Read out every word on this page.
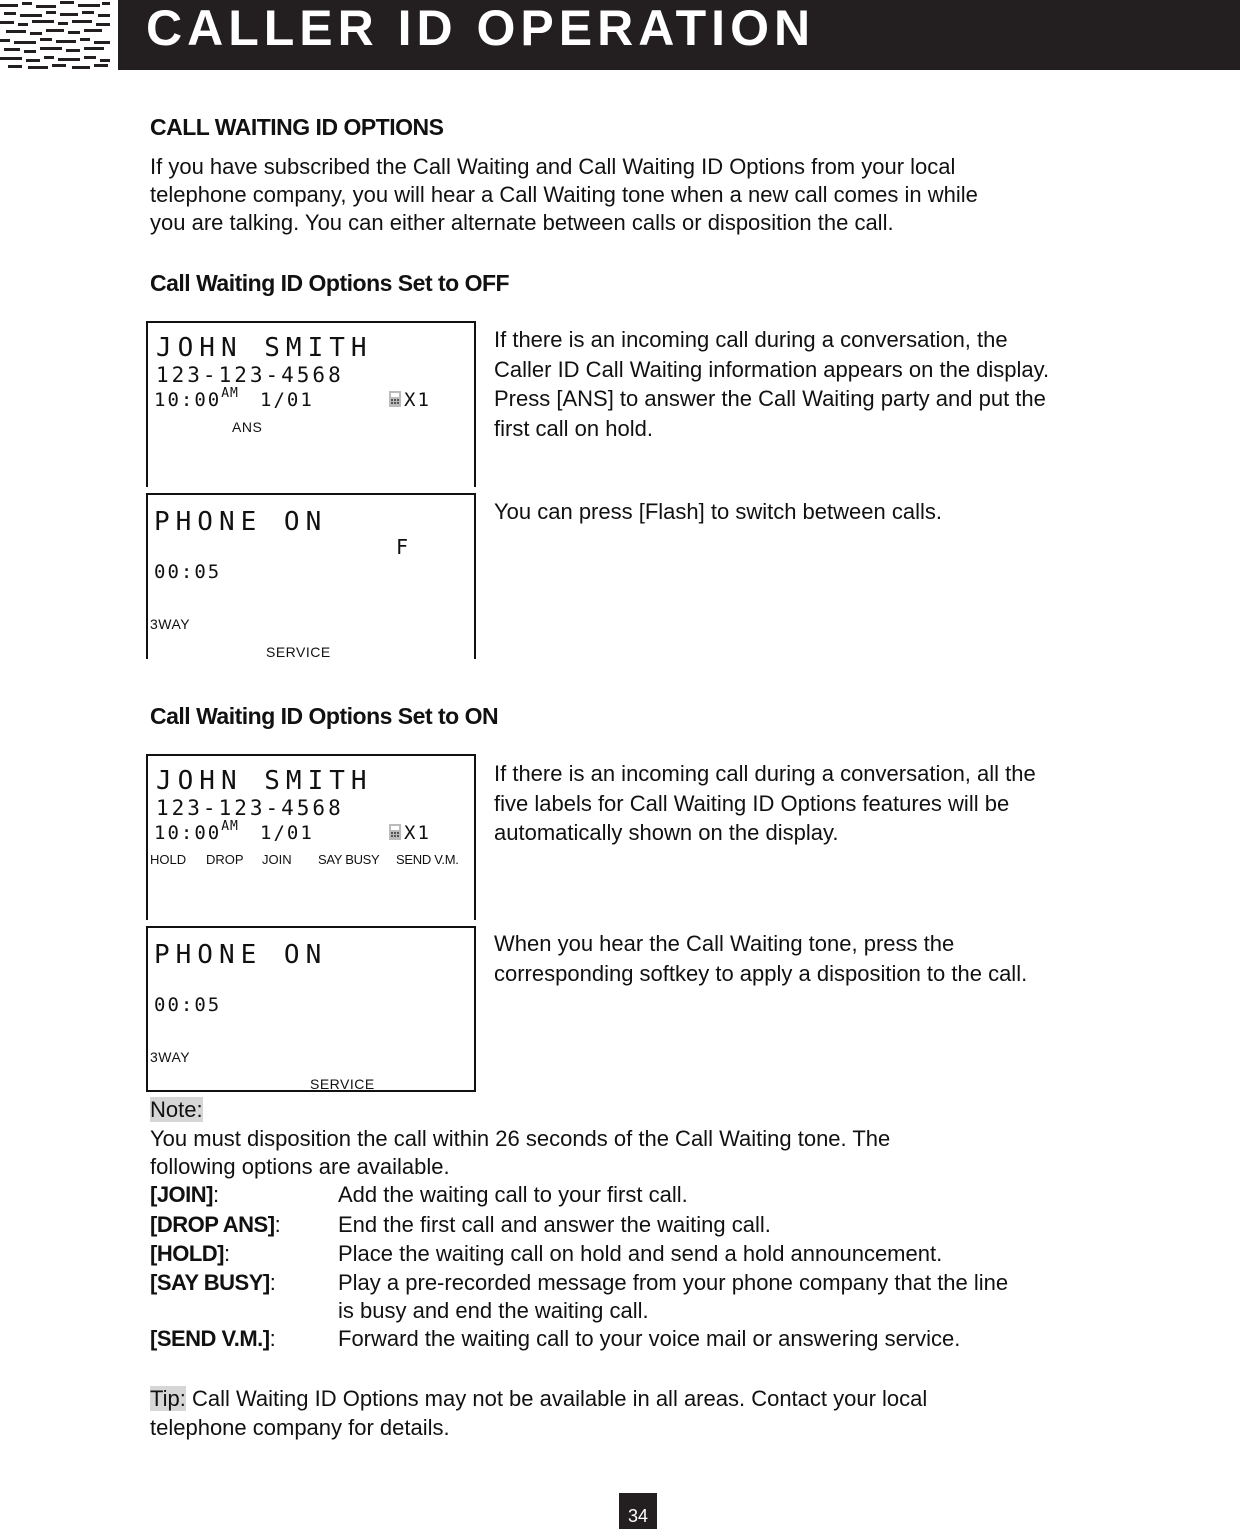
CALLER ID OPERATION
CALL WAITING ID OPTIONS

If you have subscribed the Call Waiting and Call Waiting ID Options from your local

telephone company, you will hear a Call Waiting tone when a new call comes in while

you are talking. You can either alternate between calls or disposition the call.

Call Waiting ID Options Set to OFF
JOHN SMITH
123-123-4568
$10:00^{AM}$ 1/01	X1
ANS

If there is an incoming call during a conversation, the

Caller ID Call Waiting information appears on the display.

Press [ANS] to answer the Call Waiting party and put the

first call on hold.

PHONE ON
F
00:05
3WAY
SERVICE
You can press [Flash] to switch between calls.
Call Waiting ID Options Set to ON
JOHN SMITH
123-123-4568
$10:00^{AM}$ 1/01	X1
HOLD DROP JOIN SAY BUSY SEND V.M.

If there is an incoming call during a conversation, all the

five labels for Call Waiting ID Options features will be

automatically shown on the display.

PHONE ON
00:05
3WAY
SERVICE

When you hear the Call Waiting tone, press the

corresponding softkey to apply a disposition to the call.

Note:

You must disposition the call within 26 seconds of the Call Waiting tone. The

following options are available.

[JOIN]:	Add the waiting call to your first call.
[DROP ANS]:	End the first call and answer the waiting call.
[HOLD]:	Place the waiting call on hold and send a hold announcement.
[SAY BUSY]:	Play a pre-recorded message from your phone company that the line
is busy and end the waiting call.
[SEND V.M.]:	Forward the waiting call to your voice mail or answering service.

Tip: Call Waiting ID Options may not be available in all areas. Contact your local

telephone company for details.

34
